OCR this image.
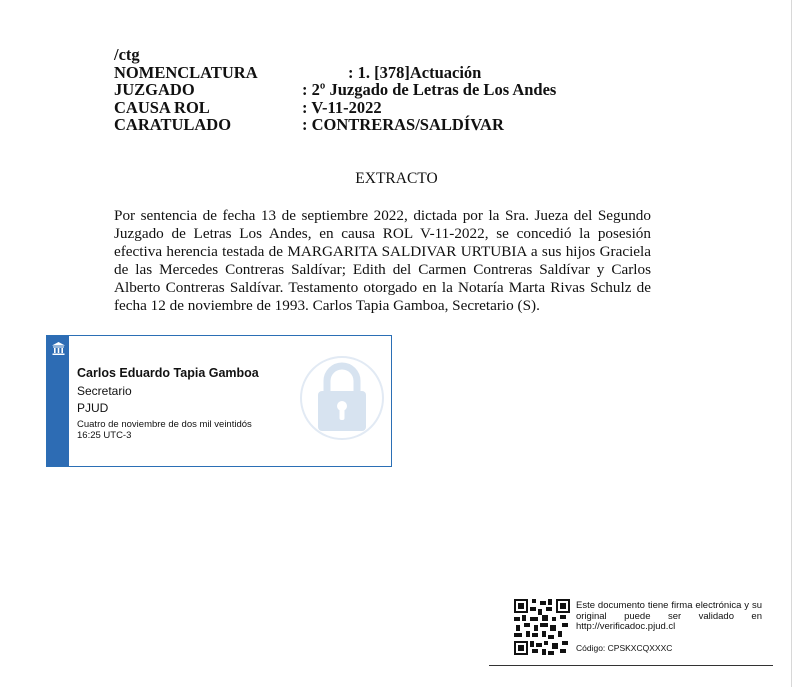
/ctg
NOMENCLATURA	: 1. [378]Actuación
JUZGADO	: 2º Juzgado de Letras de Los Andes
CAUSA ROL	: V-11-2022
CARATULADO	: CONTRERAS/SALDÍVAR
EXTRACTO
Por sentencia de fecha 13 de septiembre 2022, dictada por la Sra. Jueza del Segundo Juzgado de Letras Los Andes, en causa ROL V-11-2022, se concedió la posesión efectiva herencia testada de MARGARITA SALDIVAR URTUBIA a sus hijos Graciela de las Mercedes Contreras Saldívar; Edith del Carmen Contreras Saldívar y Carlos Alberto Contreras Saldívar. Testamento otorgado en la Notaría Marta Rivas Schulz de fecha 12 de noviembre de 1993. Carlos Tapia Gamboa, Secretario (S).
Carlos Eduardo Tapia Gamboa
Secretario
PJUD
Cuatro de noviembre de dos mil veintidós
16:25 UTC-3
Este documento tiene firma electrónica y su original puede ser validado en http://verificadoc.pjud.cl
Código: CPSKXCQXXXC
